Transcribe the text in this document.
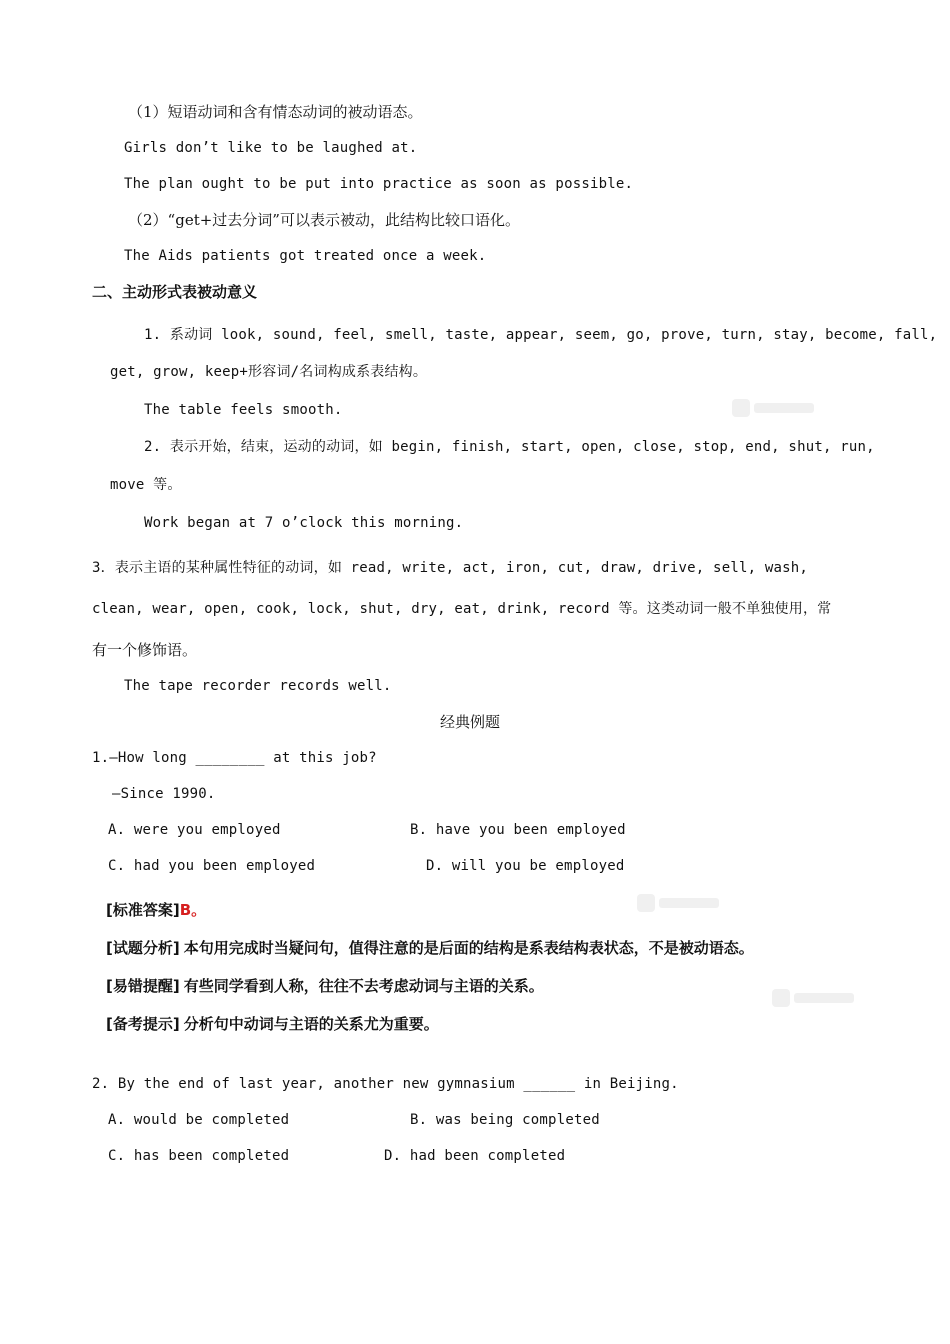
（1）短语动词和含有情态动词的被动语态。
Girls don’t like to be laughed at.
The plan ought to be put into practice as soon as possible.
（2）“get+过去分词”可以表示被动，此结构比较口语化。
The Aids patients got treated once a week.
二、主动形式表被动意义
1. 系动词 look, sound, feel, smell, taste, appear, seem, go, prove, turn, stay, become, fall,
get, grow, keep+形容词/名词构成系表结构。
The table feels smooth.
2. 表示开始，结束，运动的动词，如 begin, finish, start, open, close, stop, end, shut, run,
move 等。
Work began at 7 o’clock this morning.
3．表示主语的某种属性特征的动词，如 read, write, act, iron, cut, draw, drive, sell, wash,
clean, wear, open, cook, lock, shut, dry, eat, drink, record 等。这类动词一般不单独使用，常
有一个修饰语。
The tape recorder records well.
经典例题
1.—How long ________ at this job?
—Since 1990.
A. were you employed	B. have you been employed
C. had you been employed	D. will you be employed
[标准答案]B。
[试题分析] 本句用完成时当疑问句，值得注意的是后面的结构是系表结构表状态，不是被动语态。
[易错提醒] 有些同学看到人称，往往不去考虑动词与主语的关系。
[备考提示] 分析句中动词与主语的关系尤为重要。
2. By the end of last year, another new gymnasium ______ in Beijing.
A. would be completed	B. was being completed
C. has been completed	D. had been completed
